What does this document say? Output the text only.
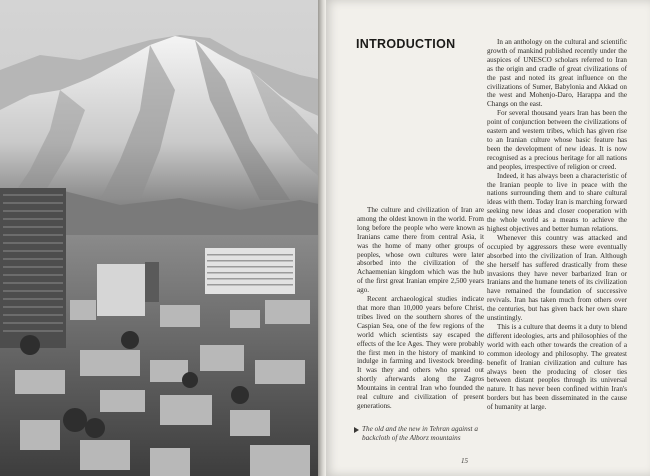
INTRODUCTION

The culture and civilization of Iran are among the oldest known in the world. From long before the people who were known as Iranians came there from central Asia, it was the home of many other groups of peoples, whose own cultures were later absorbed into the civilization of the Achaemenian kingdom which was the hub of the first great Iranian empire 2,500 years ago.

Recent archaeological studies indicate that more than 10,000 years before Christ, tribes lived on the southern shores of the Caspian Sea, one of the few regions of the world which scientists say escaped the effects of the Ice Ages. They were probably the first men in the history of mankind to indulge in farming and livestock breeding. It was they and others who spread out shortly afterwards along the Zagros Mountains in central Iran who founded the real culture and civilization of present generations.

In an anthology on the cultural and scientific growth of mankind published recently under the auspices of UNESCO scholars referred to Iran as the origin and cradle of great civilizations of the past and noted its great influence on the civilizations of Sumer, Babylonia and Akkad on the west and Mohenjo-Daro, Harappa and the Changs on the east.

For several thousand years Iran has been the point of conjunction between the civilizations of eastern and western tribes, which has given rise to an Iranian culture whose basic feature has been the development of new ideas. It is now recognised as a precious heritage for all nations and peoples, irrespective of religion or creed.

Indeed, it has always been a characteristic of the Iranian people to live in peace with the nations surrounding them and to share cultural ideas with them. Today Iran is marching forward seeking new ideas and closer cooperation with the whole world as a means to achieve the highest objectives and better human relations.

Whenever this country was attacked and occupied by aggressors these were eventually absorbed into the civilization of Iran. Although she herself has suffered drastically from these invasions they have never barbarized Iran or Iranians and the humane tenets of its civilization have remained the foundation of successive revivals. Iran has taken much from others over the centuries, but has given back her own share unstintingly.

This is a culture that deems it a duty to blend different ideologies, arts and philosophies of the world with each other towards the creation of a common ideology and philosophy. The greatest benefit of Iranian civilization and culture has always been the producing of closer ties between distant peoples through its universal nature. It has never been confined within Iran's borders but has been disseminated in the cause of humanity at large.

The old and the new in Tehran against a backcloth of the Alborz mountains
15
